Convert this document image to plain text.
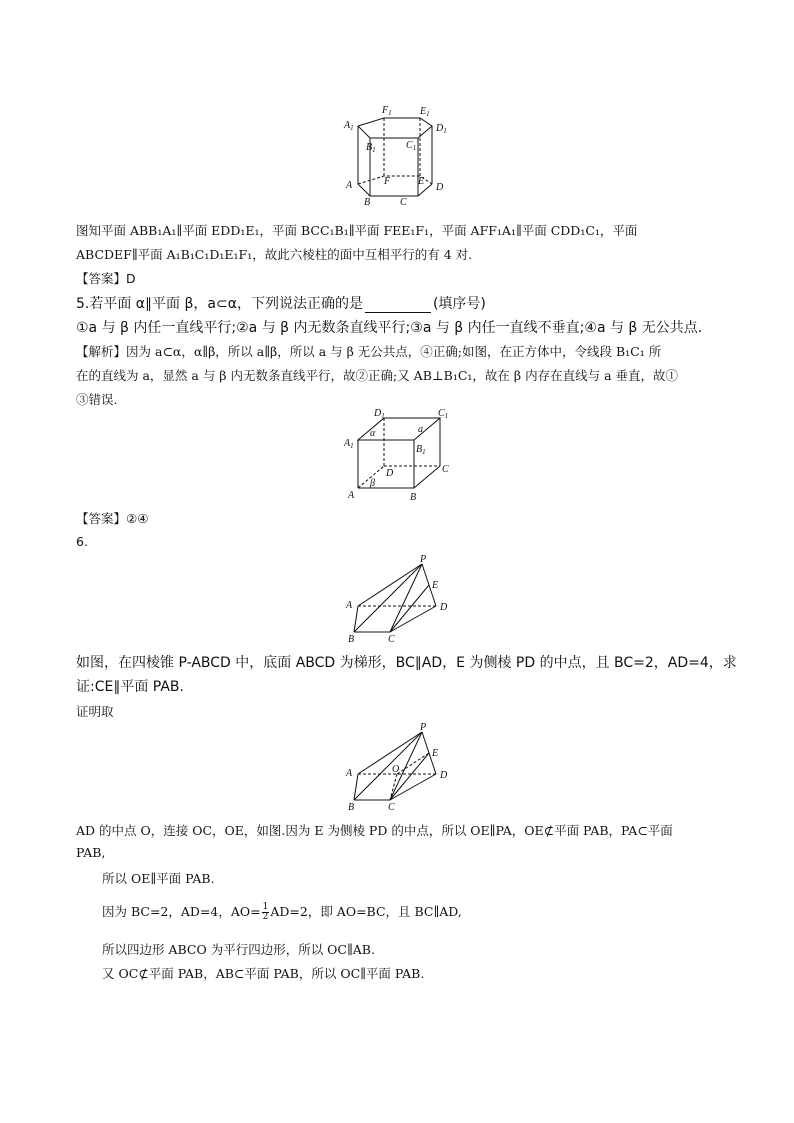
$A_1$
$F_1$	$E_1$
$D_1$
$B_1$	$C_1$
A	F	E
D
B	C
图知平面 ABB₁A₁∥平面 EDD₁E₁，平面 BCC₁B₁∥平面 FEE₁F₁，平面 AFF₁A₁∥平面 CDD₁C₁，平面
ABCDEF∥平面 A₁B₁C₁D₁E₁F₁，故此六棱柱的面中互相平行的有 4 对.
【答案】D
5.若平面 α∥平面 β，a⊂α，下列说法正确的是	(填序号)
①a 与 β 内任一直线平行;②a 与 β 内无数条直线平行;③a 与 β 内任一直线不垂直;④a 与 β 无公共点.
【解析】因为 a⊂α，α∥β，所以 a∥β，所以 a 与 β 无公共点，④正确;如图，在正方体中，令线段 B₁C₁ 所
在的直线为 a，显然 a 与 β 内无数条直线平行，故②正确;又 AB⊥B₁C₁，故在 β 内存在直线与 a 垂直，故①
③错误.
$D_1$	$C_1$
$A_1$	$B_1$
α	a
D	C
β
A	B
【答案】②④
6.
P
E
A	D
B	C
如图，在四棱锥 P-ABCD 中，底面 ABCD 为梯形，BC∥AD，E 为侧棱 PD 的中点，且 BC=2，AD=4，求
证:CE∥平面 PAB.
证明取
P
E
A	O
D
B	C
AD 的中点 O，连接 OC，OE，如图.因为 E 为侧棱 PD 的中点，所以 OE∥PA，OE⊄平面 PAB，PA⊂平面
PAB,
所以 OE∥平面 PAB.
因为 BC=2，AD=4，$AO= \frac{1}{2} AD=2$，即 AO=BC，且 BC∥AD,
所以四边形 ABCO 为平行四边形，所以 OC∥AB.
又 OC⊄平面 PAB，AB⊂平面 PAB，所以 OC∥平面 PAB.
